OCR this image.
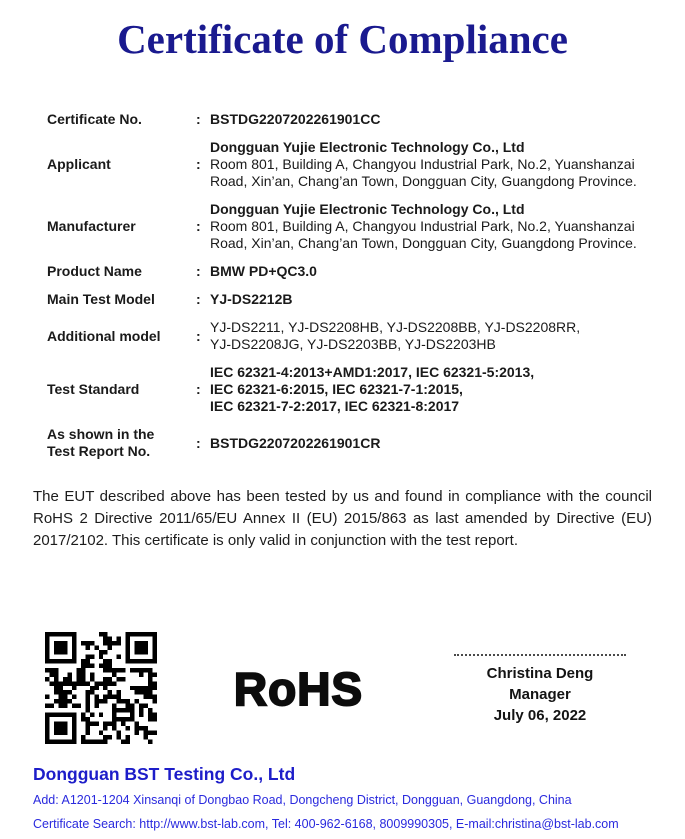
Certificate of Compliance
Certificate No.	: BSTDG2207202261901CC
Applicant	:
Dongguan Yujie Electronic Technology Co., Ltd
Room 801, Building A, Changyou Industrial Park, No.2, Yuanshanzai
Road, Xin’an, Chang’an Town, Dongguan City, Guangdong Province.
Manufacturer	:
Dongguan Yujie Electronic Technology Co., Ltd
Room 801, Building A, Changyou Industrial Park, No.2, Yuanshanzai
Road, Xin’an, Chang’an Town, Dongguan City, Guangdong Province.
Product Name	: BMW PD+QC3.0
Main Test Model	: YJ-DS2212B
Additional model	:
YJ-DS2211, YJ-DS2208HB, YJ-DS2208BB, YJ-DS2208RR,
YJ-DS2208JG, YJ-DS2203BB, YJ-DS2203HB
Test Standard	:
IEC 62321-4:2013+AMD1:2017, IEC 62321-5:2013,
IEC 62321-6:2015, IEC 62321-7-1:2015,
IEC 62321-7-2:2017, IEC 62321-8:2017
As shown in the
Test Report No.
: BSTDG2207202261901CR
The EUT described above has been tested by us and found in compliance with the council RoHS 2 Directive 2011/65/EU Annex II (EU) 2015/863 as last amended by Directive (EU) 2017/2102. This certificate is only valid in conjunction with the test report.
RoHS	Christina Deng
Manager
July 06, 2022
Dongguan BST Testing Co., Ltd
Add: A1201-1204 Xinsanqi of Dongbao Road, Dongcheng District, Dongguan, Guangdong, China
Certificate Search: http://www.bst-lab.com, Tel: 400-962-6168, 8009990305, E-mail:christina@bst-lab.com
